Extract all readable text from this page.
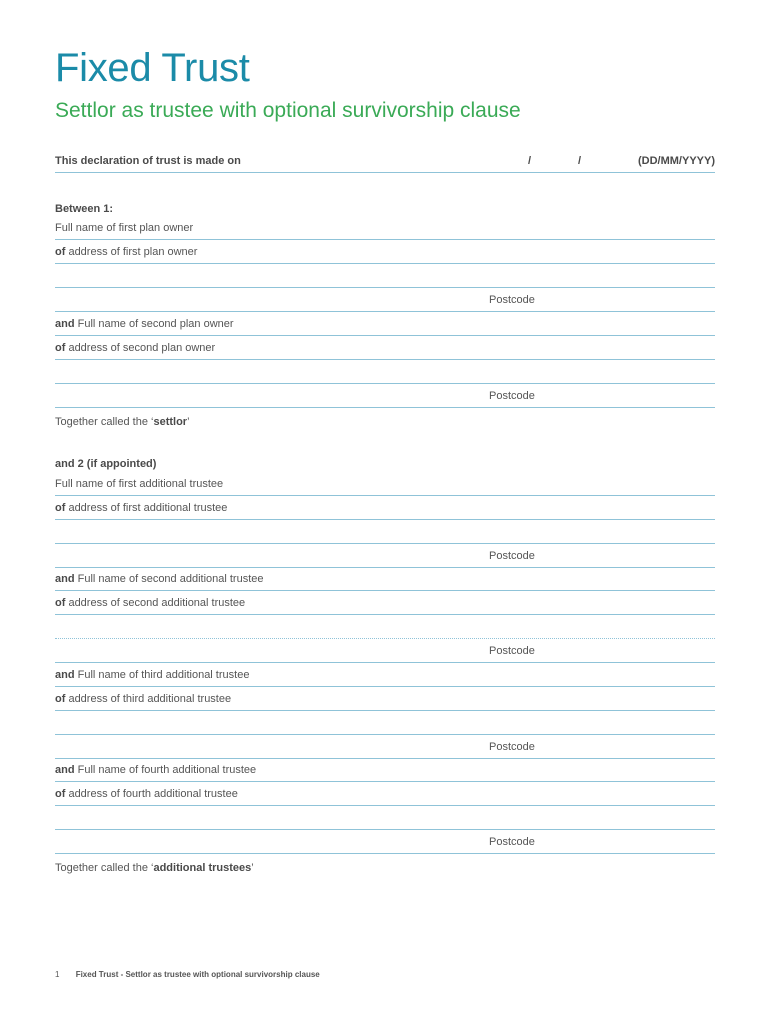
Fixed Trust
Settlor as trustee with optional survivorship clause
This declaration of trust is made on	/	/	(DD/MM/YYYY)
Between 1:
Full name of first plan owner
of address of first plan owner
Postcode
and Full name of second plan owner
of address of second plan owner
Postcode
Together called the ‘settlor’
and 2 (if appointed)
Full name of first additional trustee
of address of first additional trustee
Postcode
and Full name of second additional trustee
of address of second additional trustee
Postcode
and Full name of third additional trustee
of address of third additional trustee
Postcode
and Full name of fourth additional trustee
of address of fourth additional trustee
Postcode
Together called the ‘additional trustees’
1 Fixed Trust - Settlor as trustee with optional survivorship clause
